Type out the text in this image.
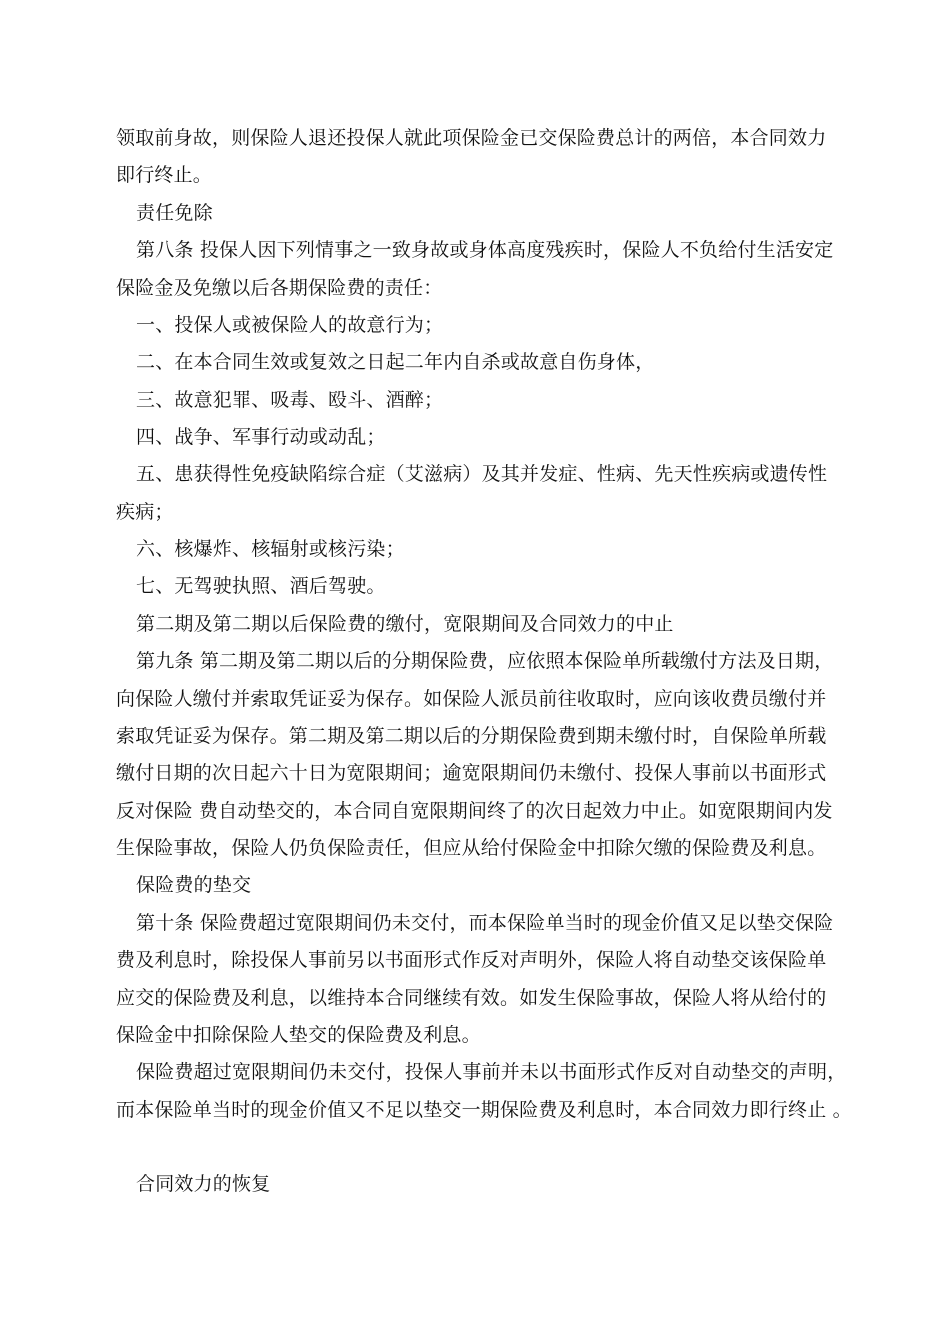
领取前身故，则保险人退还投保人就此项保险金已交保险费总计的两倍，本合同效力
即行终止。
责任免除
第八条 投保人因下列情事之一致身故或身体高度残疾时，保险人不负给付生活安定
保险金及免缴以后各期保险费的责任：
一、投保人或被保险人的故意行为；
二、在本合同生效或复效之日起二年内自杀或故意自伤身体，
三、故意犯罪、吸毒、殴斗、酒醉；
四、战争、军事行动或动乱；
五、患获得性免疫缺陷综合症（艾滋病）及其并发症、性病、先天性疾病或遗传性
疾病；
六、核爆炸、核辐射或核污染；
七、无驾驶执照、酒后驾驶。
第二期及第二期以后保险费的缴付，宽限期间及合同效力的中止
第九条 第二期及第二期以后的分期保险费，应依照本保险单所载缴付方法及日期，
向保险人缴付并索取凭证妥为保存。如保险人派员前往收取时，应向该收费员缴付并
索取凭证妥为保存。第二期及第二期以后的分期保险费到期未缴付时，自保险单所载
缴付日期的次日起六十日为宽限期间；逾宽限期间仍未缴付、投保人事前以书面形式
反对保险 费自动垫交的，本合同自宽限期间终了的次日起效力中止。如宽限期间内发
生保险事故，保险人仍负保险责任，但应从给付保险金中扣除欠缴的保险费及利息。
保险费的垫交
第十条 保险费超过宽限期间仍未交付，而本保险单当时的现金价值又足以垫交保险
费及利息时，除投保人事前另以书面形式作反对声明外，保险人将自动垫交该保险单
应交的保险费及利息，以维持本合同继续有效。如发生保险事故，保险人将从给付的
保险金中扣除保险人垫交的保险费及利息。
保险费超过宽限期间仍未交付，投保人事前并未以书面形式作反对自动垫交的声明，
而本保险单当时的现金价值又不足以垫交一期保险费及利息时，本合同效力即行终止 。
合同效力的恢复
